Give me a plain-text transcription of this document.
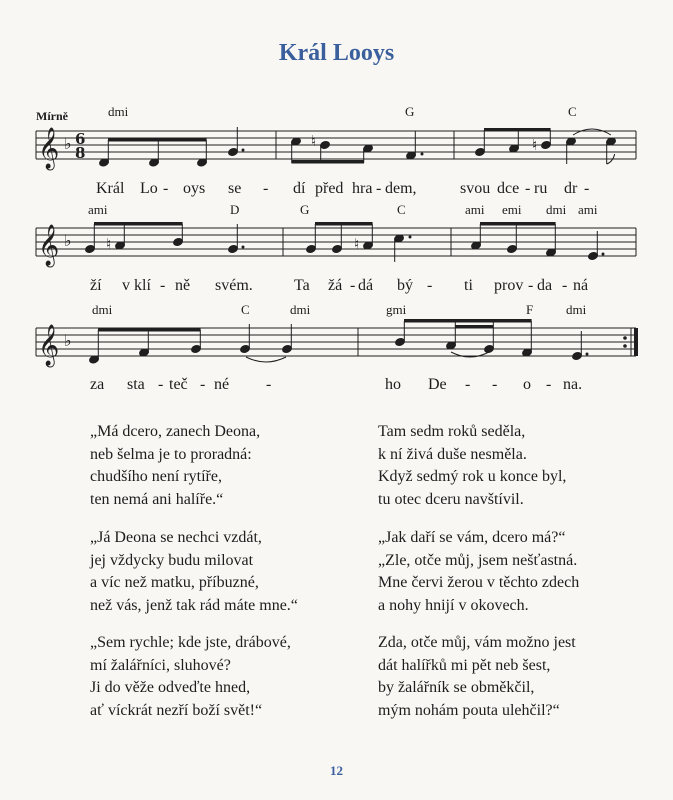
Král Looys
Mírně	dmi	G	C
Král Lo - oys se - dí před hra - dem,	svou dce - ru dr -
ami	D	G	C	ami emi dmi ami
ží v klí - ně svém.	Ta žá - dá bý - ti prov - da - ná
dmi	C	dmi	gmi	F	dmi
za sta - teč - né -	ho De - - o - na.
𝄞
𝄞
𝄞
♭
♭
♭
6
8
♮	♮
♮	♮
„Má dcero, zanech Deona,
neb šelma je to proradná:
chudšího není rytíře,
ten nemá ani halíře.“
Tam sedm roků seděla,
k ní živá duše nesměla.
Když sedmý rok u konce byl,
tu otec dceru navštívil.
„Já Deona se nechci vzdát,
jej vždycky budu milovat
a víc než matku, příbuzné,
než vás, jenž tak rád máte mne.“
„Jak daří se vám, dcero má?“
„Zle, otče můj, jsem nešťastná.
Mne červi žerou v těchto zdech
a nohy hnijí v okovech.
„Sem rychle; kde jste, drábové,
mí žalářníci, sluhové?
Ji do věže odveďte hned,
ať víckrát nezří boží svět!“
Zda, otče můj, vám možno jest
dát halířků mi pět neb šest,
by žalářník se obměkčil,
mým nohám pouta ulehčil?“
12
